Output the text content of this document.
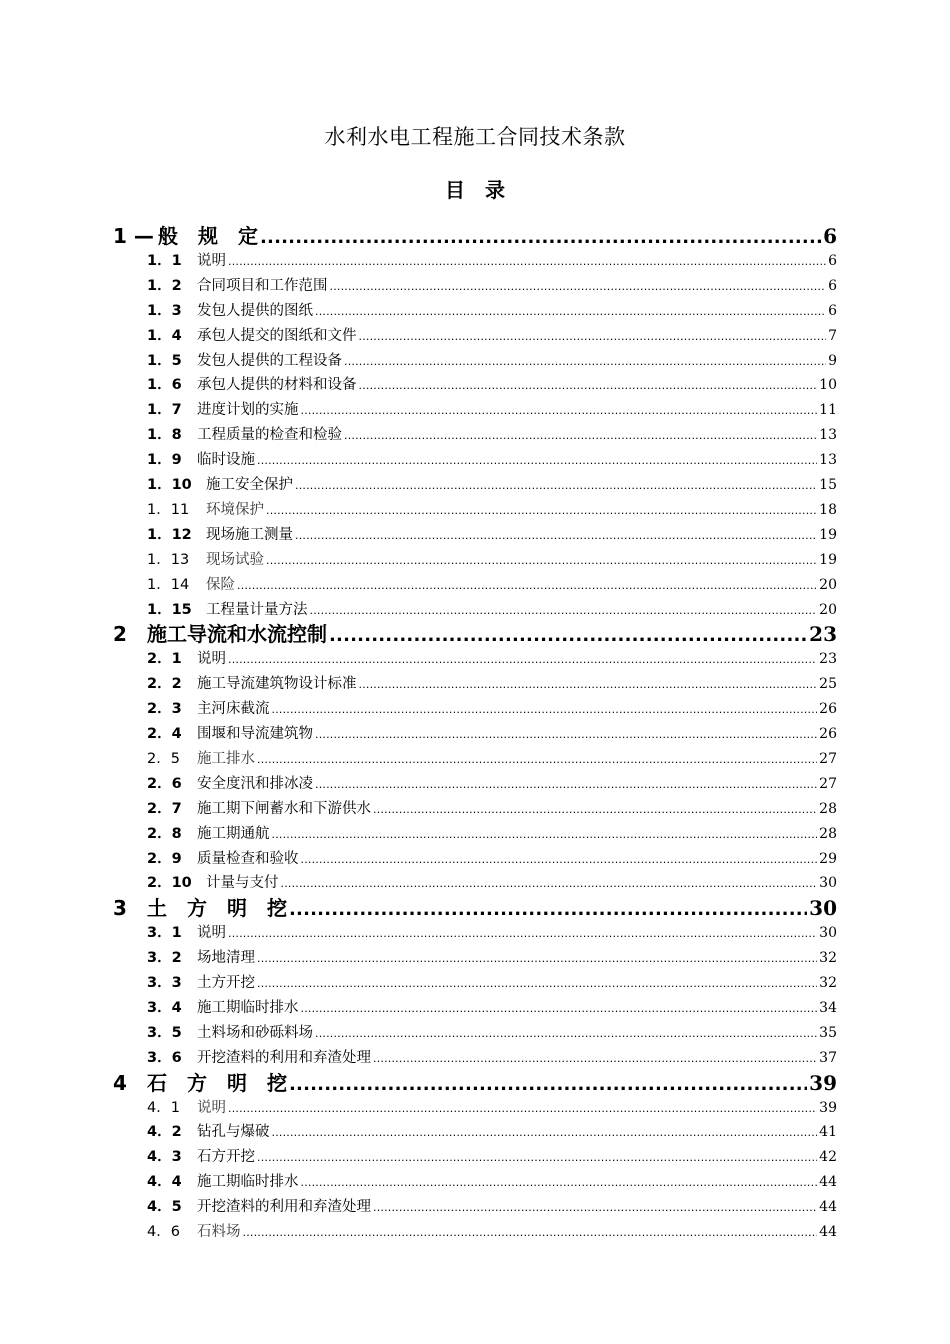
水利水电工程施工合同技术条款
目　录
1 — 般　规　定 .....	6
1．1	说明 .....	6
1．2	合同项目和工作范围 .....	6
1．3	发包人提供的图纸 .....	6
1．4	承包人提交的图纸和文件 .....	7
1．5	发包人提供的工程设备 .....	9
1．6	承包人提供的材料和设备 .....	10
1．7	进度计划的实施 .....	11
1．8	工程质量的检查和检验 .....	13
1．9	临时设施 .....	13
1．10 施工安全保护 .....	15
1．11	环境保护 .....	18
1．12 现场施工测量 .....	19
1．13	现场试验 .....	19
1．14	保险 .....	20
1．15 工程量计量方法 .....	20
2	施工导流和水流控制 .....	23
2．1	说明 .....	23
2．2	施工导流建筑物设计标准 .....	25
2．3	主河床截流 .....	26
2．4	围堰和导流建筑物 .....	26
2．5	施工排水 .....	27
2．6	安全度汛和排冰凌 .....	27
2．7	施工期下闸蓄水和下游供水 .....	28
2．8	施工期通航 .....	28
2．9	质量检查和验收 .....	29
2．10 计量与支付 .....	30
3	土　方　明　挖 .....	30
3．1	说明 .....	30
3．2	场地清理 .....	32
3．3	土方开挖 .....	32
3．4	施工期临时排水 .....	34
3．5	土料场和砂砾料场 .....	35
3．6	开挖渣料的利用和弃渣处理 .....	37
4	石　方　明　挖 .....	39
4．1	说明 .....	39
4．2	钻孔与爆破 .....	41
4．3	石方开挖 .....	42
4．4	施工期临时排水 .....	44
4．5	开挖渣料的利用和弃渣处理 .....	44
4．6	石料场 .....	44
